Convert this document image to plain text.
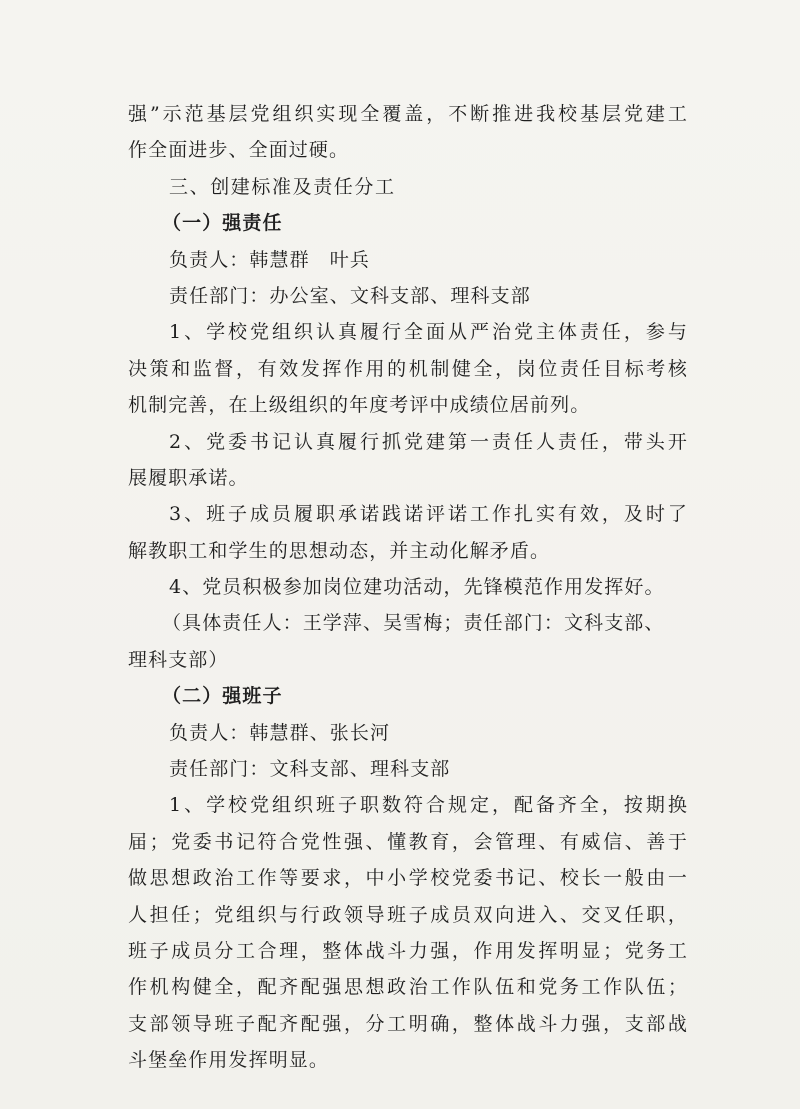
强”示范基层党组织实现全覆盖，不断推进我校基层党建工
作全面进步、全面过硬。
三、创建标准及责任分工
（一）强责任
负责人：韩慧群　叶兵
责任部门：办公室、文科支部、理科支部
1、学校党组织认真履行全面从严治党主体责任，参与
决策和监督，有效发挥作用的机制健全，岗位责任目标考核
机制完善，在上级组织的年度考评中成绩位居前列。
2、党委书记认真履行抓党建第一责任人责任，带头开
展履职承诺。
3、班子成员履职承诺践诺评诺工作扎实有效，及时了
解教职工和学生的思想动态，并主动化解矛盾。
4、党员积极参加岗位建功活动，先锋模范作用发挥好。
（具体责任人：王学萍、吴雪梅；责任部门：文科支部、
理科支部）
（二）强班子
负责人：韩慧群、张长河
责任部门：文科支部、理科支部
1、学校党组织班子职数符合规定，配备齐全，按期换
届；党委书记符合党性强、懂教育，会管理、有威信、善于
做思想政治工作等要求，中小学校党委书记、校长一般由一
人担任；党组织与行政领导班子成员双向进入、交叉任职，
班子成员分工合理，整体战斗力强，作用发挥明显；党务工
作机构健全，配齐配强思想政治工作队伍和党务工作队伍；
支部领导班子配齐配强，分工明确，整体战斗力强，支部战
斗堡垒作用发挥明显。
